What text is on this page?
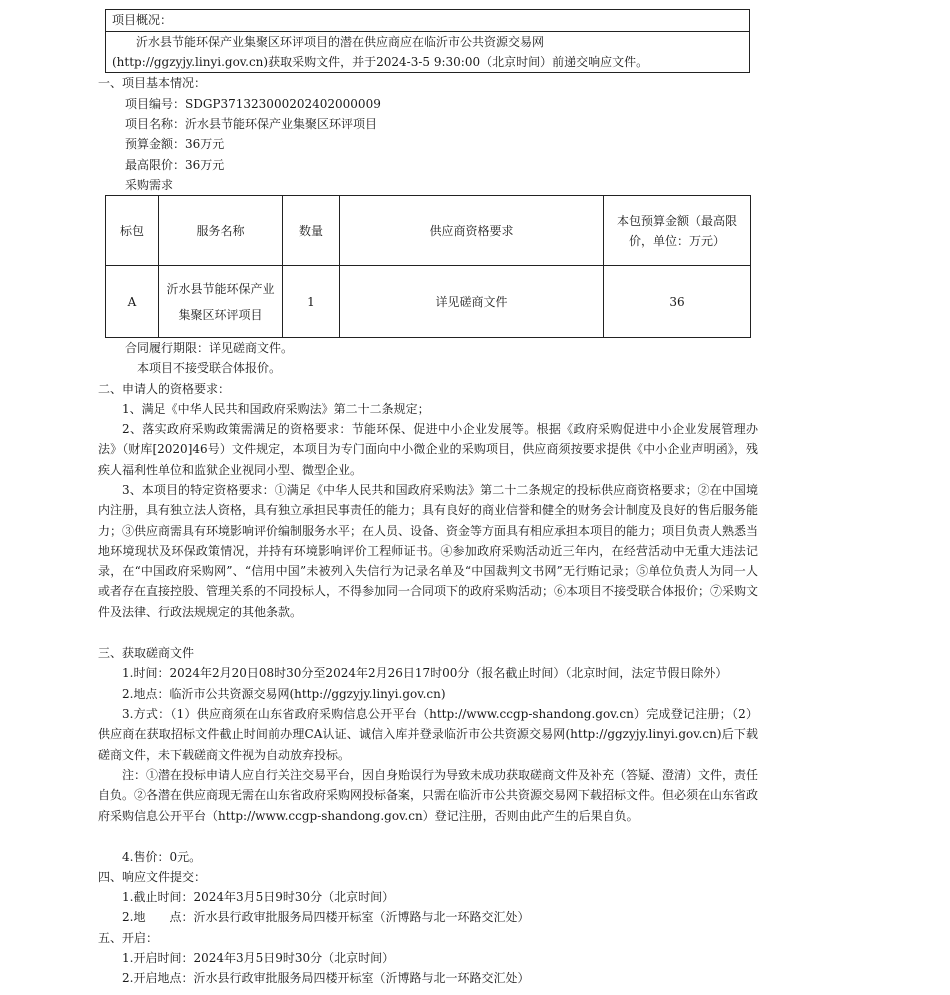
项目概况：
沂水县节能环保产业集聚区环评项目的潜在供应商应在临沂市公共资源交易网
(http://ggzyjy.linyi.gov.cn)获取采购文件，并于2024-3-5 9:30:00（北京时间）前递交响应文件。
一、项目基本情况：
项目编号：SDGP371323000202402000009
项目名称：沂水县节能环保产业集聚区环评项目
预算金额：36万元
最高限价：36万元
采购需求
标包	服务名称	数量	供应商资格要求	本包预算金额（最高限价，单位：万元）
A	沂水县节能环保产业集聚区环评项目	1	详见磋商文件	36
合同履行期限：详见磋商文件。
本项目不接受联合体报价。
二、申请人的资格要求：
1、满足《中华人民共和国政府采购法》第二十二条规定；
2、落实政府采购政策需满足的资格要求：节能环保、促进中小企业发展等。根据《政府采购促进中小企业发展管理办法》（财库[2020]46号）文件规定，本项目为专门面向中小微企业的采购项目，供应商须按要求提供《中小企业声明函》，残疾人福利性单位和监狱企业视同小型、微型企业。
3、本项目的特定资格要求：①满足《中华人民共和国政府采购法》第二十二条规定的投标供应商资格要求；②在中国境内注册，具有独立法人资格，具有独立承担民事责任的能力；具有良好的商业信誉和健全的财务会计制度及良好的售后服务能力；③供应商需具有环境影响评价编制服务水平；在人员、设备、资金等方面具有相应承担本项目的能力；项目负责人熟悉当地环境现状及环保政策情况，并持有环境影响评价工程师证书。④参加政府采购活动近三年内，在经营活动中无重大违法记录，在“中国政府采购网”、“信用中国”未被列入失信行为记录名单及“中国裁判文书网”无行贿记录；⑤单位负责人为同一人或者存在直接控股、管理关系的不同投标人，不得参加同一合同项下的政府采购活动；⑥本项目不接受联合体报价；⑦采购文件及法律、行政法规规定的其他条款。
三、获取磋商文件
1.时间：2024年2月20日08时30分至2024年2月26日17时00分（报名截止时间）（北京时间，法定节假日除外）
2.地点：临沂市公共资源交易网(http://ggzyjy.linyi.gov.cn)
3.方式：（1）供应商须在山东省政府采购信息公开平台（http://www.ccgp-shandong.gov.cn）完成登记注册；（2）供应商在获取招标文件截止时间前办理CA认证、诚信入库并登录临沂市公共资源交易网(http://ggzyjy.linyi.gov.cn)后下载磋商文件，未下载磋商文件视为自动放弃投标。
注：①潜在投标申请人应自行关注交易平台，因自身贻误行为导致未成功获取磋商文件及补充（答疑、澄清）文件，责任自负。②各潜在供应商现无需在山东省政府采购网投标备案，只需在临沂市公共资源交易网下载招标文件。但必须在山东省政府采购信息公开平台（http://www.ccgp-shandong.gov.cn）登记注册，否则由此产生的后果自负。
4.售价：0元。
四、响应文件提交：
1.截止时间：2024年3月5日9时30分（北京时间）
2.地　　点：沂水县行政审批服务局四楼开标室（沂博路与北一环路交汇处）
五、开启：
1.开启时间：2024年3月5日9时30分（北京时间）
2.开启地点：沂水县行政审批服务局四楼开标室（沂博路与北一环路交汇处）
